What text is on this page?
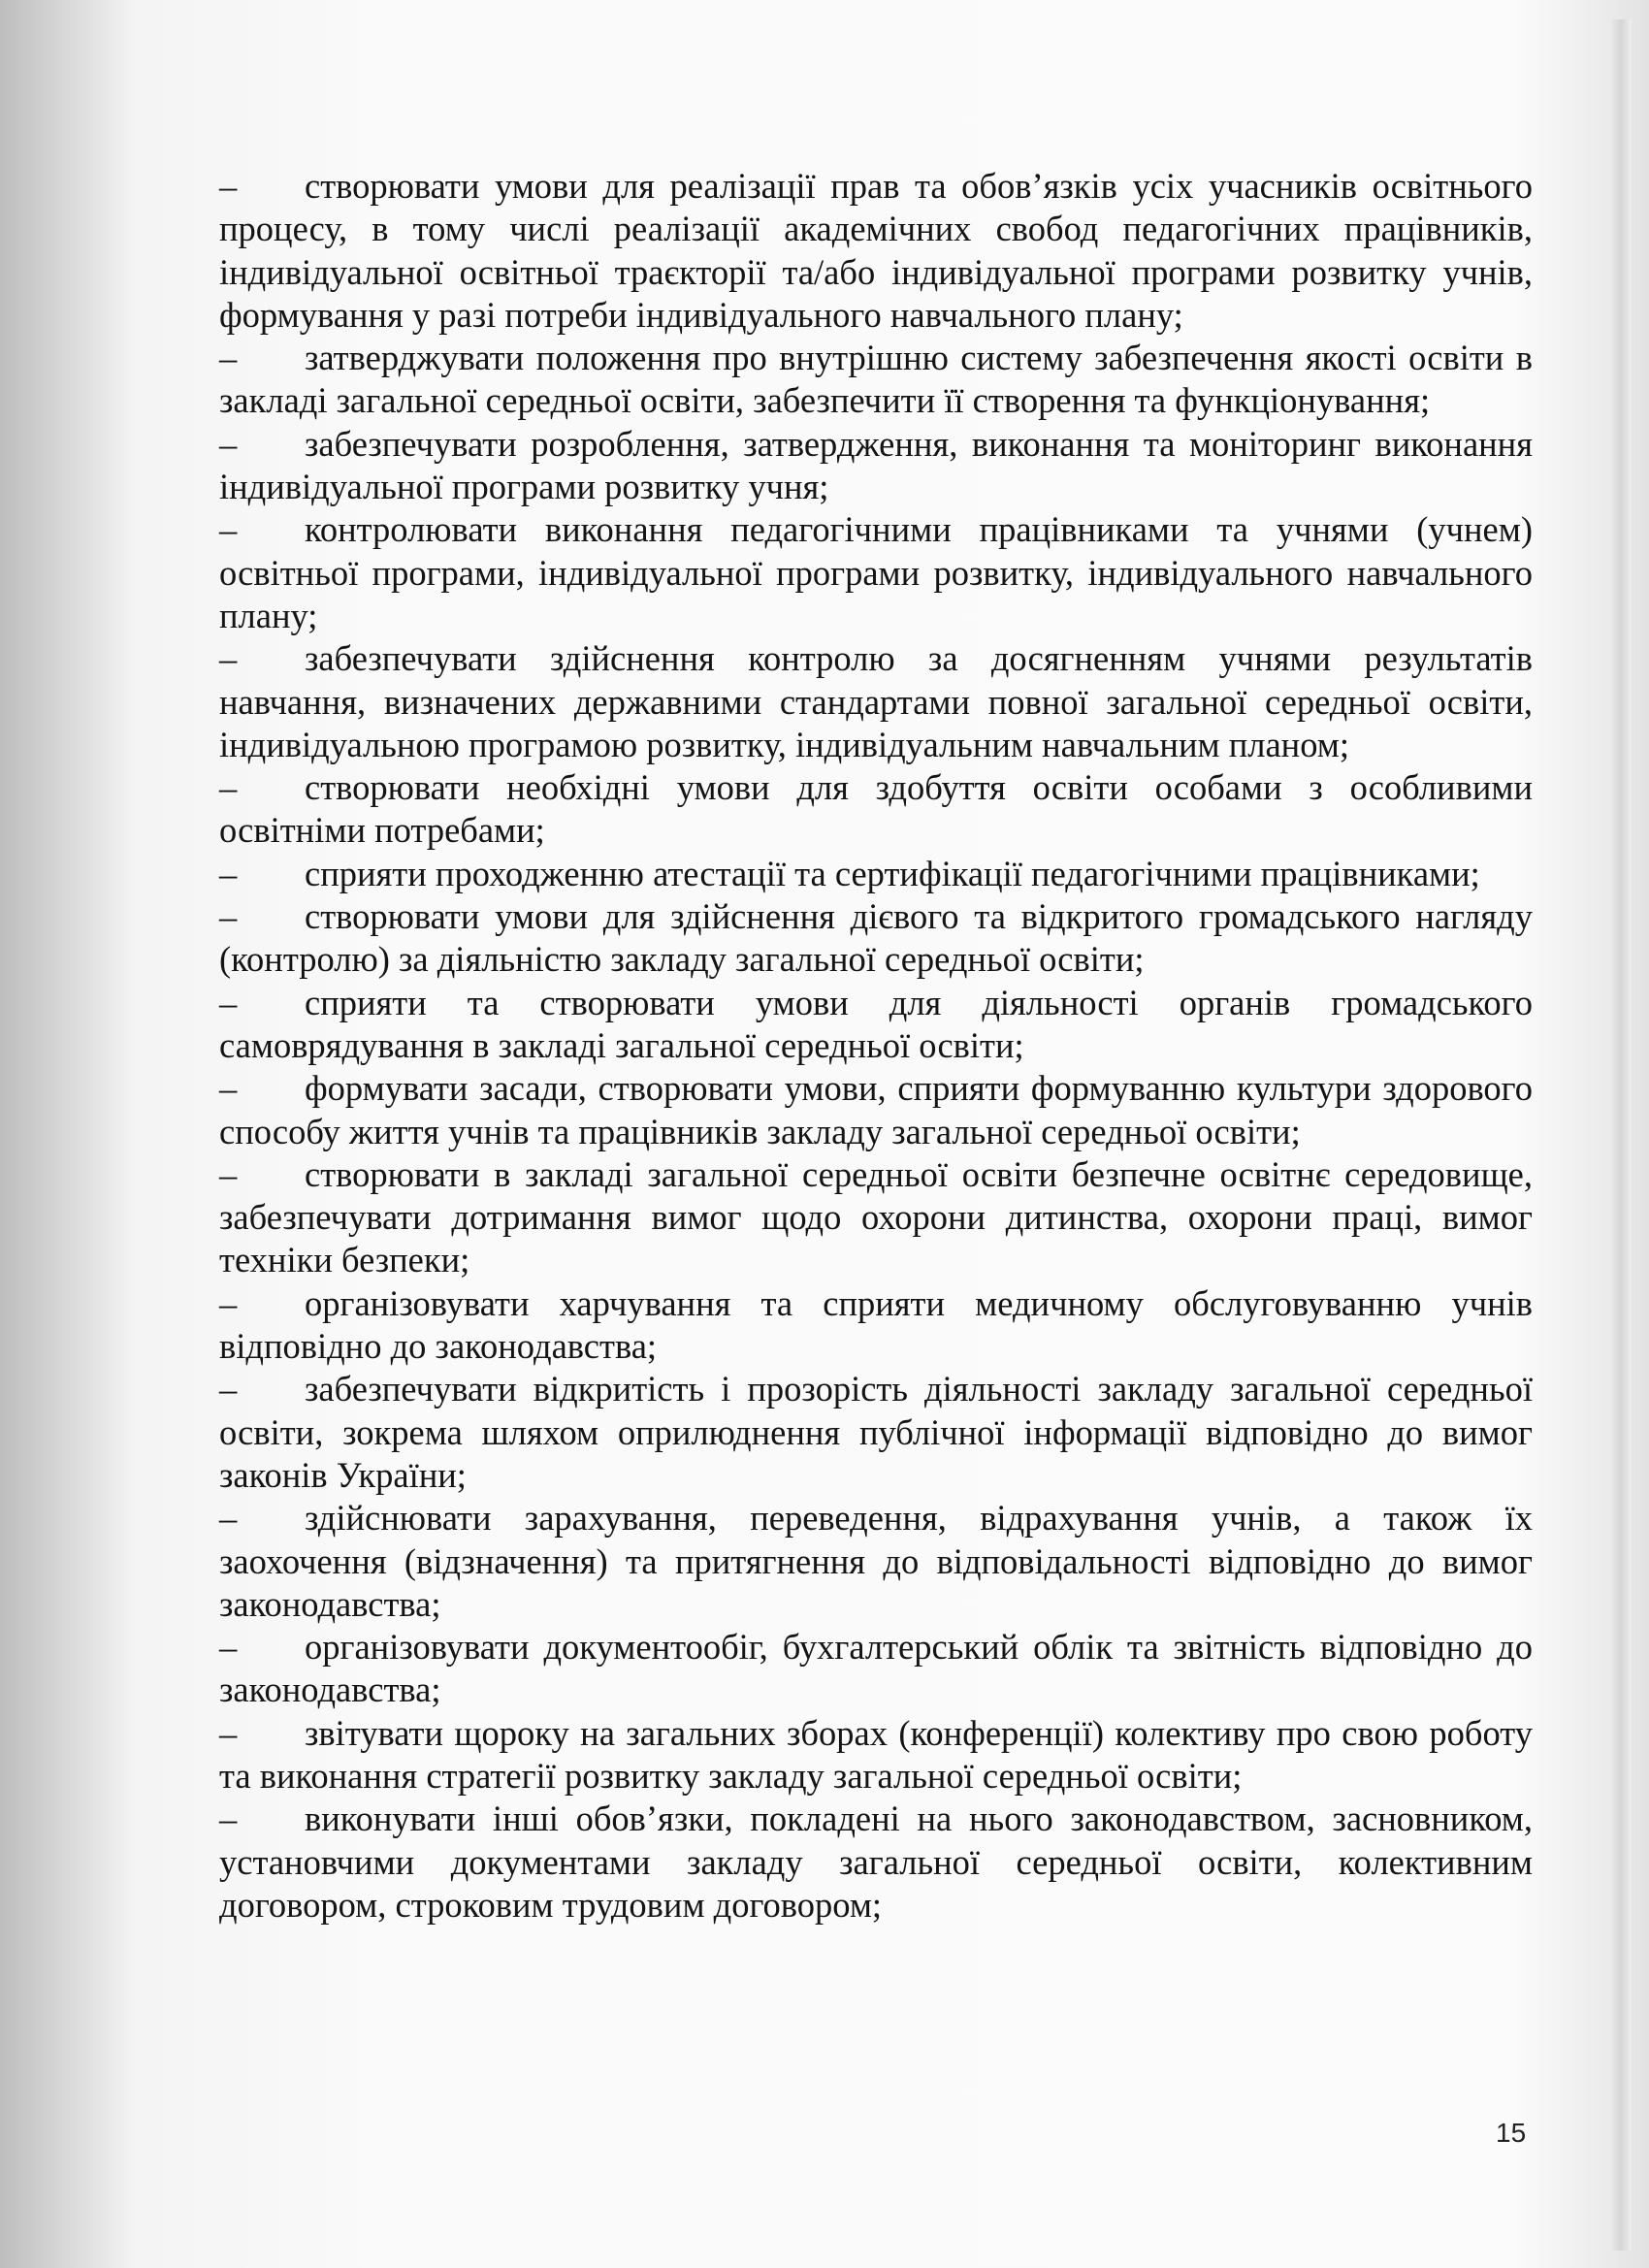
– створювати умови для реалізації прав та обов’язків усіх учасників освітнього процесу, в тому числі реалізації академічних свобод педагогічних працівників, індивідуальної освітньої траєкторії та/або індивідуальної програми розвитку учнів, формування у разі потреби індивідуального навчального плану;

– затверджувати положення про внутрішню систему забезпечення якості освіти в закладі загальної середньої освіти, забезпечити її створення та функціонування;

– забезпечувати розроблення, затвердження, виконання та моніторинг виконання індивідуальної програми розвитку учня;

– контролювати виконання педагогічними працівниками та учнями (учнем) освітньої програми, індивідуальної програми розвитку, індивідуального навчального плану;

– забезпечувати здійснення контролю за досягненням учнями результатів навчання, визначених державними стандартами повної загальної середньої освіти, індивідуальною програмою розвитку, індивідуальним навчальним планом;

– створювати необхідні умови для здобуття освіти особами з особливими освітніми потребами;

– сприяти проходженню атестації та сертифікації педагогічними працівниками;

– створювати умови для здійснення дієвого та відкритого громадського нагляду (контролю) за діяльністю закладу загальної середньої освіти;

– сприяти та створювати умови для діяльності органів громадського самоврядування в закладі загальної середньої освіти;

– формувати засади, створювати умови, сприяти формуванню культури здорового способу життя учнів та працівників закладу загальної середньої освіти;

– створювати в закладі загальної середньої освіти безпечне освітнє середовище, забезпечувати дотримання вимог щодо охорони дитинства, охорони праці, вимог техніки безпеки;

– організовувати харчування та сприяти медичному обслуговуванню учнів відповідно до законодавства;

– забезпечувати відкритість і прозорість діяльності закладу загальної середньої освіти, зокрема шляхом оприлюднення публічної інформації відповідно до вимог законів України;

– здійснювати зарахування, переведення, відрахування учнів, а також їх заохочення (відзначення) та притягнення до відповідальності відповідно до вимог законодавства;

– організовувати документообіг, бухгалтерський облік та звітність відповідно до законодавства;

– звітувати щороку на загальних зборах (конференції) колективу про свою роботу та виконання стратегії розвитку закладу загальної середньої освіти;

– виконувати інші обов’язки, покладені на нього законодавством, засновником, установчими документами закладу загальної середньої освіти, колективним договором, строковим трудовим договором;

15
